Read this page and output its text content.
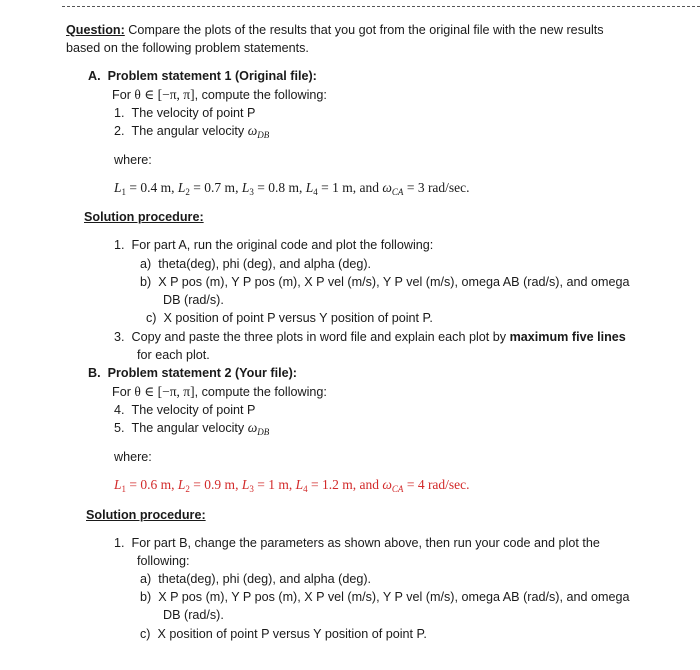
Question: Compare the plots of the results that you got from the original file with the new results
based on the following problem statements.
A. Problem statement 1 (Original file):
For θ ∈ [−π, π], compute the following:
1. The velocity of point P
2. The angular velocity $\omega_{DB}$
where:
$L_1 = 0.4$ m, $L_2 = 0.7$ m, $L_3 = 0.8$ m, $L_4 = 1$ m, and $\omega_{CA} = 3$ rad/sec.
Solution procedure:
1. For part A, run the original code and plot the following:
a) theta(deg), phi (deg), and alpha (deg).
b) X P pos (m), Y P pos (m), X P vel (m/s), Y P vel (m/s), omega AB (rad/s), and omega
DB (rad/s).
c) X position of point P versus Y position of point P.
3. Copy and paste the three plots in word file and explain each plot by maximum five lines
for each plot.
B. Problem statement 2 (Your file):
For θ ∈ [−π, π], compute the following:
4. The velocity of point P
5. The angular velocity $\omega_{DB}$
where:
$L_1 = 0.6$ m, $L_2 = 0.9$ m, $L_3 = 1$ m, $L_4 = 1.2$ m, and $\omega_{CA} = 4$ rad/sec.
Solution procedure:
1. For part B, change the parameters as shown above, then run your code and plot the
following:
a) theta(deg), phi (deg), and alpha (deg).
b) X P pos (m), Y P pos (m), X P vel (m/s), Y P vel (m/s), omega AB (rad/s), and omega
DB (rad/s).
c) X position of point P versus Y position of point P.
